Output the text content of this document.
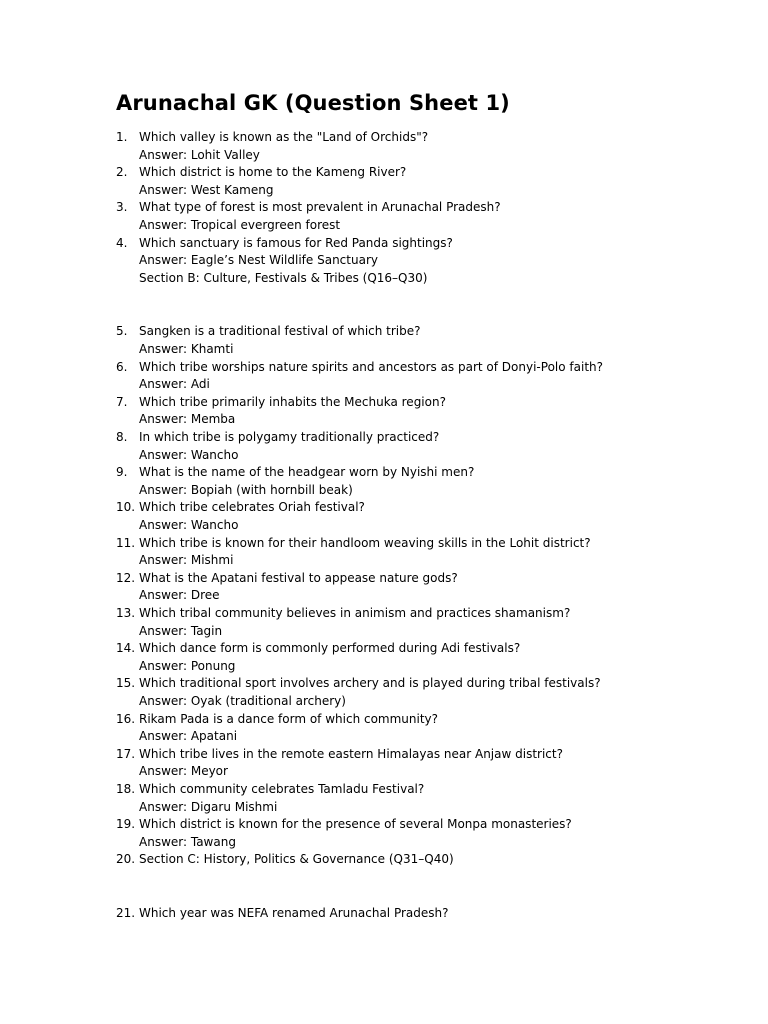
Arunachal GK (Question Sheet 1)
1. Which valley is known as the "Land of Orchids"?
Answer: Lohit Valley
2. Which district is home to the Kameng River?
Answer: West Kameng
3. What type of forest is most prevalent in Arunachal Pradesh?
Answer: Tropical evergreen forest
4. Which sanctuary is famous for Red Panda sightings?
Answer: Eagle’s Nest Wildlife Sanctuary
Section B: Culture, Festivals & Tribes (Q16–Q30)
5. Sangken is a traditional festival of which tribe?
Answer: Khamti
6. Which tribe worships nature spirits and ancestors as part of Donyi-Polo faith?
Answer: Adi
7. Which tribe primarily inhabits the Mechuka region?
Answer: Memba
8. In which tribe is polygamy traditionally practiced?
Answer: Wancho
9. What is the name of the headgear worn by Nyishi men?
Answer: Bopiah (with hornbill beak)
10. Which tribe celebrates Oriah festival?
Answer: Wancho
11. Which tribe is known for their handloom weaving skills in the Lohit district?
Answer: Mishmi
12. What is the Apatani festival to appease nature gods?
Answer: Dree
13. Which tribal community believes in animism and practices shamanism?
Answer: Tagin
14. Which dance form is commonly performed during Adi festivals?
Answer: Ponung
15. Which traditional sport involves archery and is played during tribal festivals?
Answer: Oyak (traditional archery)
16. Rikam Pada is a dance form of which community?
Answer: Apatani
17. Which tribe lives in the remote eastern Himalayas near Anjaw district?
Answer: Meyor
18. Which community celebrates Tamladu Festival?
Answer: Digaru Mishmi
19. Which district is known for the presence of several Monpa monasteries?
Answer: Tawang
20. Section C: History, Politics & Governance (Q31–Q40)
21. Which year was NEFA renamed Arunachal Pradesh?
